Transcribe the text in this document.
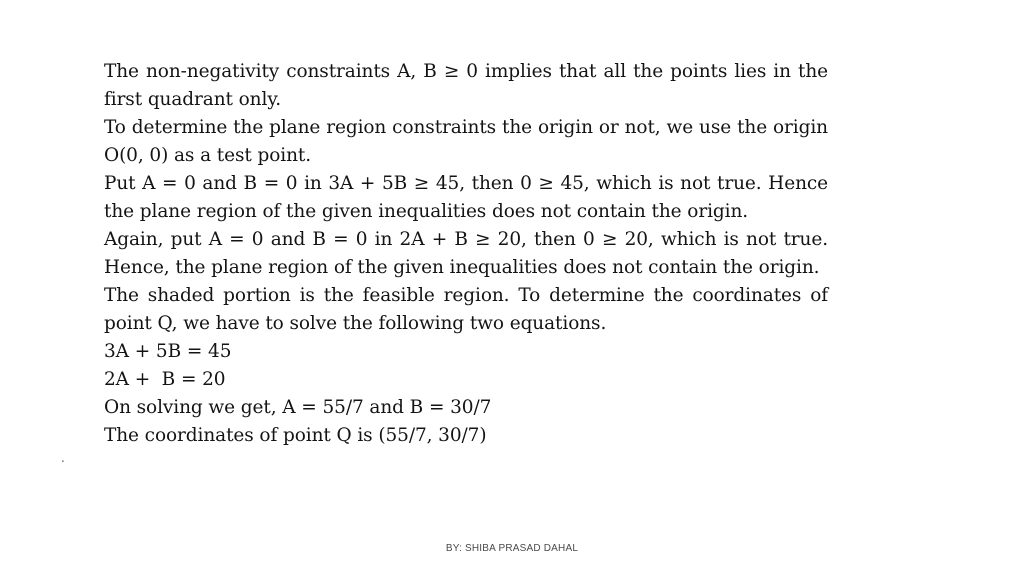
The non-negativity constraints A, B ≥ 0 implies that all the points lies in the first quadrant only.

To determine the plane region constraints the origin or not, we use the origin O(0, 0) as a test point.

Put A = 0 and B = 0 in 3A + 5B ≥ 45, then 0 ≥ 45, which is not true. Hence the plane region of the given inequalities does not contain the origin.

Again, put A = 0 and B = 0 in 2A + B ≥ 20, then 0 ≥ 20, which is not true. Hence, the plane region of the given inequalities does not contain the origin.

The shaded portion is the feasible region. To determine the coordinates of point Q, we have to solve the following two equations.

3A + 5B = 45

2A +  B = 20

On solving we get, A = 55/7 and B = 30/7

The coordinates of point Q is (55/7, 30/7)

.
BY: SHIBA PRASAD DAHAL
